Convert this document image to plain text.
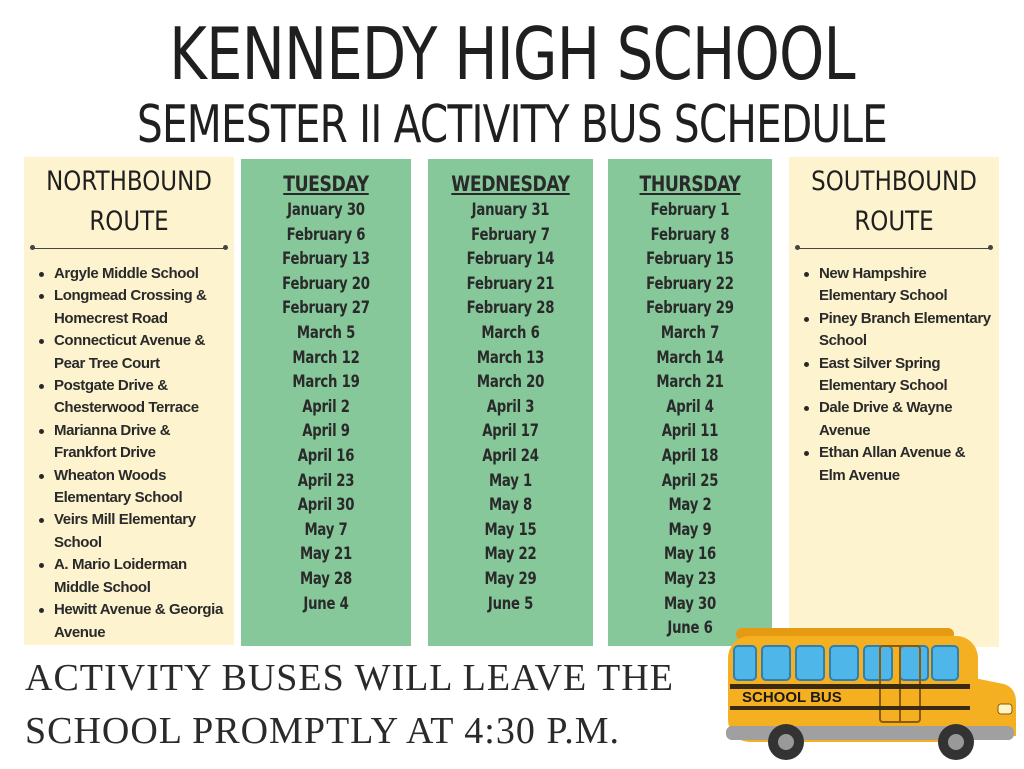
KENNEDY HIGH SCHOOL
SEMESTER II ACTIVITY BUS SCHEDULE
NORTHBOUND
ROUTE
Argyle Middle School
Longmead Crossing & Homecrest Road
Connecticut Avenue & Pear Tree Court
Postgate Drive & Chesterwood Terrace
Marianna Drive & Frankfort Drive
Wheaton Woods Elementary School
Veirs Mill Elementary School
A. Mario Loiderman Middle School
Hewitt Avenue & Georgia Avenue
TUESDAY
January 30
February 6
February 13
February 20
February 27
March 5
March 12
March 19
April 2
April 9
April 16
April 23
April 30
May 7
May 21
May 28
June 4
WEDNESDAY
January 31
February 7
February 14
February 21
February 28
March 6
March 13
March 20
April 3
April 17
April 24
May 1
May 8
May 15
May 22
May 29
June 5
THURSDAY
February 1
February 8
February 15
February 22
February 29
March 7
March 14
March 21
April 4
April 11
April 18
April 25
May 2
May 9
May 16
May 23
May 30
June 6
SOUTHBOUND
ROUTE
New Hampshire Elementary School
Piney Branch Elementary School
East Silver Spring Elementary School
Dale Drive & Wayne Avenue
Ethan Allan Avenue & Elm Avenue
ACTIVITY BUSES WILL LEAVE THE
SCHOOL PROMPTLY AT 4:30 P.M.
SCHOOL BUS
